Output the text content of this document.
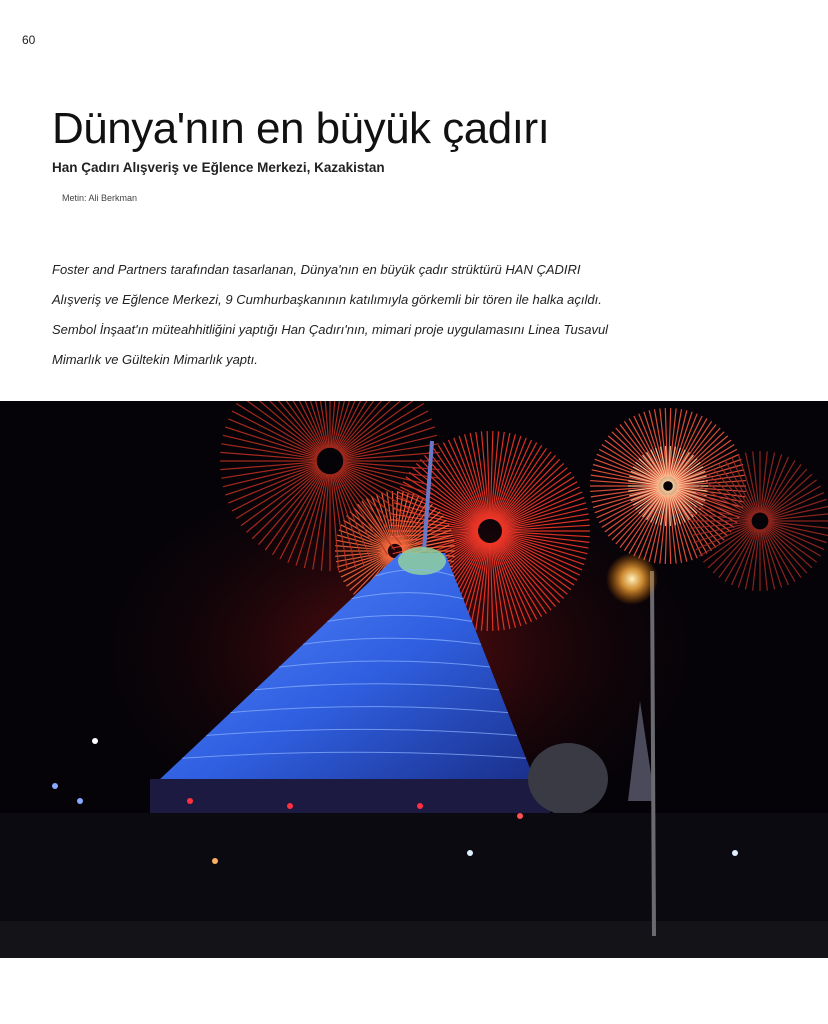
60
Dünya'nın en büyük çadırı
Han Çadırı Alışveriş ve Eğlence Merkezi, Kazakistan
Metin: Ali Berkman

Foster and Partners tarafından tasarlanan, Dünya'nın en büyük çadır strüktürü HAN ÇADIRI
Alışveriş ve Eğlence Merkezi, 9 Cumhurbaşkanının katılımıyla görkemli bir tören ile halka açıldı.
Sembol İnşaat'ın müteahhitliğini yaptığı Han Çadırı'nın, mimari proje uygulamasını Linea Tusavul
Mimarlık ve Gültekin Mimarlık yaptı.
